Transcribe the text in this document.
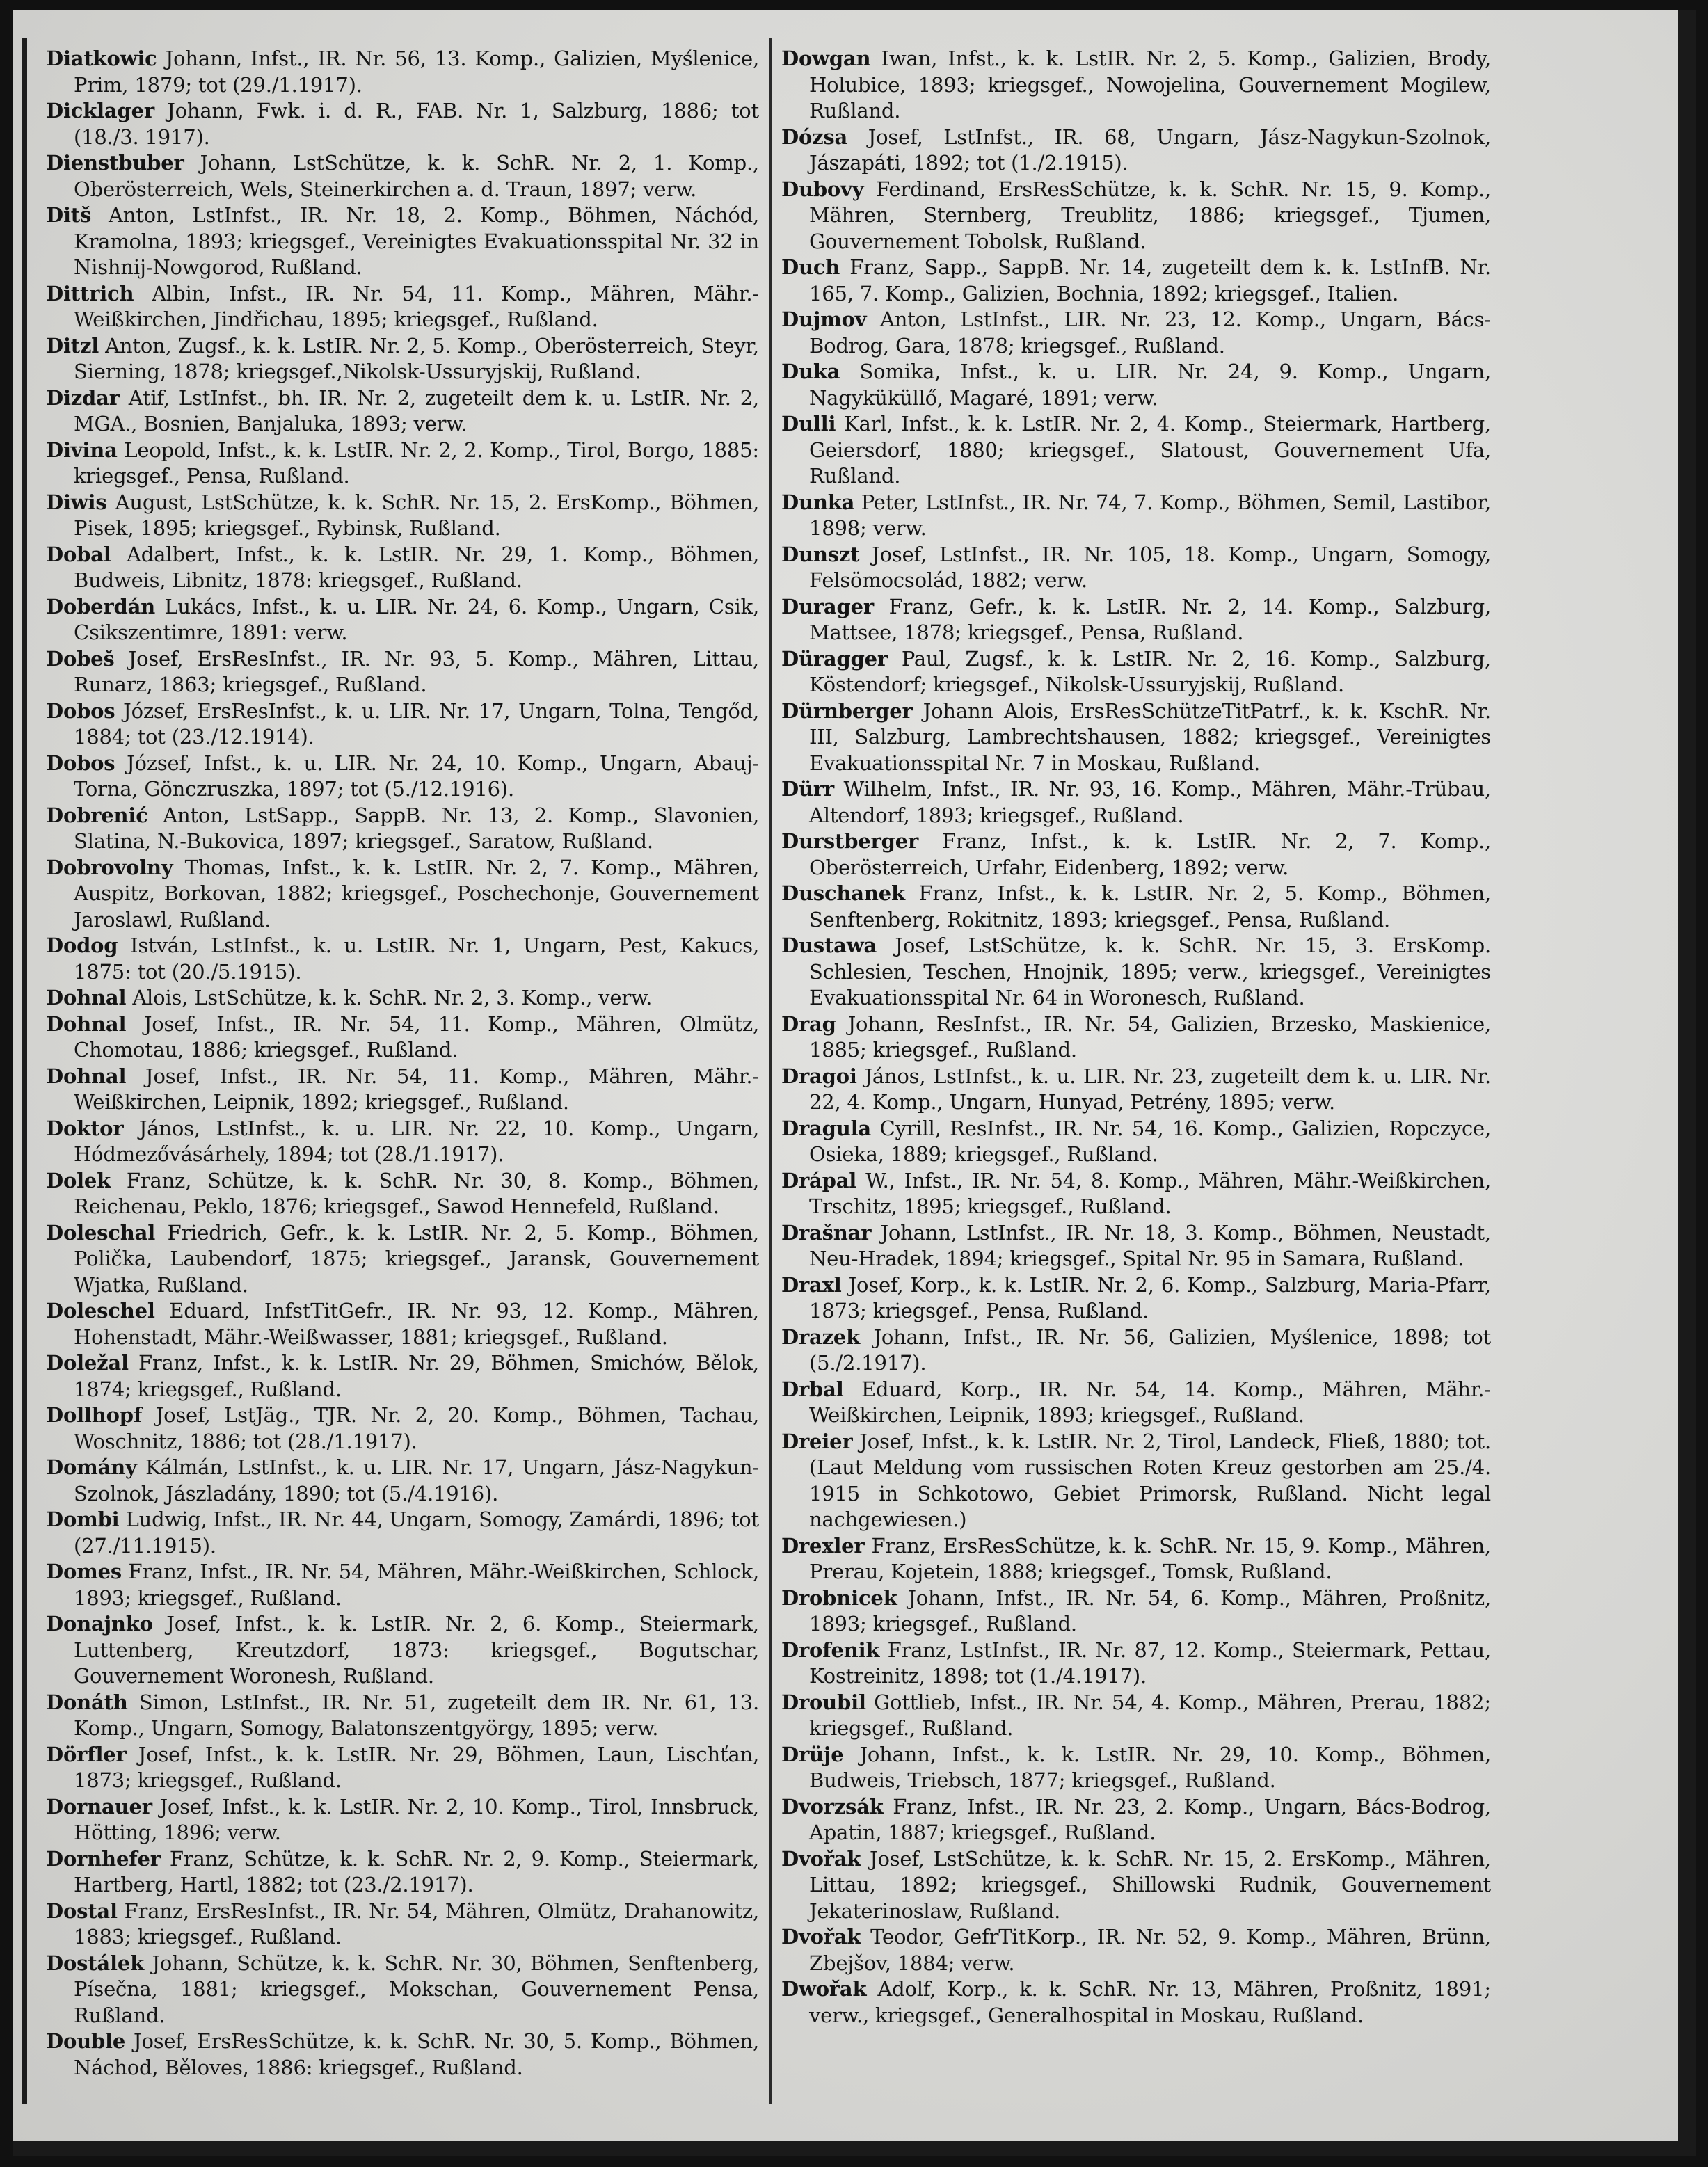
Diatkowic Johann, Infst., IR. Nr. 56, 13. Komp., Galizien, Myślenice, Prim, 1879; tot (29./1.1917).

Dicklager Johann, Fwk. i. d. R., FAB. Nr. 1, Salzburg, 1886; tot (18./3. 1917).

Dienstbuber Johann, LstSchütze, k. k. SchR. Nr. 2, 1. Komp., Oberösterreich, Wels, Steinerkirchen a. d. Traun, 1897; verw.

Ditš Anton, LstInfst., IR. Nr. 18, 2. Komp., Böhmen, Náchód, Kramolna, 1893; kriegsgef., Vereinigtes Evakuationsspital Nr. 32 in Nishnij-Nowgorod, Rußland.

Dittrich Albin, Infst., IR. Nr. 54, 11. Komp., Mähren, Mähr.-Weißkirchen, Jindřichau, 1895; kriegsgef., Rußland.

Ditzl Anton, Zugsf., k. k. LstIR. Nr. 2, 5. Komp., Oberösterreich, Steyr, Sierning, 1878; kriegsgef.,Nikolsk-Ussuryjskij, Rußland.

Dizdar Atif, LstInfst., bh. IR. Nr. 2, zugeteilt dem k. u. LstIR. Nr. 2, MGA., Bosnien, Banjaluka, 1893; verw.

Divina Leopold, Infst., k. k. LstIR. Nr. 2, 2. Komp., Tirol, Borgo, 1885: kriegsgef., Pensa, Rußland.

Diwis August, LstSchütze, k. k. SchR. Nr. 15, 2. ErsKomp., Böhmen, Pisek, 1895; kriegsgef., Rybinsk, Rußland.

Dobal Adalbert, Infst., k. k. LstIR. Nr. 29, 1. Komp., Böhmen, Budweis, Libnitz, 1878: kriegsgef., Rußland.

Doberdán Lukács, Infst., k. u. LIR. Nr. 24, 6. Komp., Ungarn, Csik, Csikszentimre, 1891: verw.

Dobeš Josef, ErsResInfst., IR. Nr. 93, 5. Komp., Mähren, Littau, Runarz, 1863; kriegsgef., Rußland.

Dobos József, ErsResInfst., k. u. LIR. Nr. 17, Ungarn, Tolna, Tengőd, 1884; tot (23./12.1914).

Dobos József, Infst., k. u. LIR. Nr. 24, 10. Komp., Ungarn, Abauj-Torna, Gönczruszka, 1897; tot (5./12.1916).

Dobrenić Anton, LstSapp., SappB. Nr. 13, 2. Komp., Slavonien, Slatina, N.-Bukovica, 1897; kriegsgef., Saratow, Rußland.

Dobrovolny Thomas, Infst., k. k. LstIR. Nr. 2, 7. Komp., Mähren, Auspitz, Borkovan, 1882; kriegsgef., Poschechonje, Gouvernement Jaroslawl, Rußland.

Dodog István, LstInfst., k. u. LstIR. Nr. 1, Ungarn, Pest, Kakucs, 1875: tot (20./5.1915).

Dohnal Alois, LstSchütze, k. k. SchR. Nr. 2, 3. Komp., verw.

Dohnal Josef, Infst., IR. Nr. 54, 11. Komp., Mähren, Olmütz, Chomotau, 1886; kriegsgef., Rußland.

Dohnal Josef, Infst., IR. Nr. 54, 11. Komp., Mähren, Mähr.-Weißkirchen, Leipnik, 1892; kriegsgef., Rußland.

Doktor János, LstInfst., k. u. LIR. Nr. 22, 10. Komp., Ungarn, Hódmezővásárhely, 1894; tot (28./1.1917).

Dolek Franz, Schütze, k. k. SchR. Nr. 30, 8. Komp., Böhmen, Reichenau, Peklo, 1876; kriegsgef., Sawod Hennefeld, Rußland.

Doleschal Friedrich, Gefr., k. k. LstIR. Nr. 2, 5. Komp., Böhmen, Polička, Laubendorf, 1875; kriegsgef., Jaransk, Gouvernement Wjatka, Rußland.

Doleschel Eduard, InfstTitGefr., IR. Nr. 93, 12. Komp., Mähren, Hohenstadt, Mähr.-Weißwasser, 1881; kriegsgef., Rußland.

Doležal Franz, Infst., k. k. LstIR. Nr. 29, Böhmen, Smichów, Bělok, 1874; kriegsgef., Rußland.

Dollhopf Josef, LstJäg., TJR. Nr. 2, 20. Komp., Böhmen, Tachau, Woschnitz, 1886; tot (28./1.1917).

Domány Kálmán, LstInfst., k. u. LIR. Nr. 17, Ungarn, Jász-Nagykun-Szolnok, Jászladány, 1890; tot (5./4.1916).

Dombi Ludwig, Infst., IR. Nr. 44, Ungarn, Somogy, Zamárdi, 1896; tot (27./11.1915).

Domes Franz, Infst., IR. Nr. 54, Mähren, Mähr.-Weißkirchen, Schlock, 1893; kriegsgef., Rußland.

Donajnko Josef, Infst., k. k. LstIR. Nr. 2, 6. Komp., Steiermark, Luttenberg, Kreutzdorf, 1873: kriegsgef., Bogutschar, Gouvernement Woronesh, Rußland.

Donáth Simon, LstInfst., IR. Nr. 51, zugeteilt dem IR. Nr. 61, 13. Komp., Ungarn, Somogy, Balatonszentgyörgy, 1895; verw.

Dörfler Josef, Infst., k. k. LstIR. Nr. 29, Böhmen, Laun, Lischťan, 1873; kriegsgef., Rußland.

Dornauer Josef, Infst., k. k. LstIR. Nr. 2, 10. Komp., Tirol, Innsbruck, Hötting, 1896; verw.

Dornhefer Franz, Schütze, k. k. SchR. Nr. 2, 9. Komp., Steiermark, Hartberg, Hartl, 1882; tot (23./2.1917).

Dostal Franz, ErsResInfst., IR. Nr. 54, Mähren, Olmütz, Drahanowitz, 1883; kriegsgef., Rußland.

Dostálek Johann, Schütze, k. k. SchR. Nr. 30, Böhmen, Senftenberg, Písečna, 1881; kriegsgef., Mokschan, Gouvernement Pensa, Rußland.

Double Josef, ErsResSchütze, k. k. SchR. Nr. 30, 5. Komp., Böhmen, Náchod, Běloves, 1886: kriegsgef., Rußland.

Dowgan Iwan, Infst., k. k. LstIR. Nr. 2, 5. Komp., Galizien, Brody, Holubice, 1893; kriegsgef., Nowojelina, Gouvernement Mogilew, Rußland.

Dózsa Josef, LstInfst., IR. 68, Ungarn, Jász-Nagykun-Szolnok, Jászapáti, 1892; tot (1./2.1915).

Dubovy Ferdinand, ErsResSchütze, k. k. SchR. Nr. 15, 9. Komp., Mähren, Sternberg, Treublitz, 1886; kriegsgef., Tjumen, Gouvernement Tobolsk, Rußland.

Duch Franz, Sapp., SappB. Nr. 14, zugeteilt dem k. k. LstInfB. Nr. 165, 7. Komp., Galizien, Bochnia, 1892; kriegsgef., Italien.

Dujmov Anton, LstInfst., LIR. Nr. 23, 12. Komp., Ungarn, Bács-Bodrog, Gara, 1878; kriegsgef., Rußland.

Duka Somika, Infst., k. u. LIR. Nr. 24, 9. Komp., Ungarn, Nagyküküllő, Magaré, 1891; verw.

Dulli Karl, Infst., k. k. LstIR. Nr. 2, 4. Komp., Steiermark, Hartberg, Geiersdorf, 1880; kriegsgef., Slatoust, Gouvernement Ufa, Rußland.

Dunka Peter, LstInfst., IR. Nr. 74, 7. Komp., Böhmen, Semil, Lastibor, 1898; verw.

Dunszt Josef, LstInfst., IR. Nr. 105, 18. Komp., Ungarn, Somogy, Felsömocsolád, 1882; verw.

Durager Franz, Gefr., k. k. LstIR. Nr. 2, 14. Komp., Salzburg, Mattsee, 1878; kriegsgef., Pensa, Rußland.

Düragger Paul, Zugsf., k. k. LstIR. Nr. 2, 16. Komp., Salzburg, Köstendorf; kriegsgef., Nikolsk-Ussuryjskij, Rußland.

Dürnberger Johann Alois, ErsResSchützeTitPatrf., k. k. KschR. Nr. III, Salzburg, Lambrechtshausen, 1882; kriegsgef., Vereinigtes Evakuationsspital Nr. 7 in Moskau, Rußland.

Dürr Wilhelm, Infst., IR. Nr. 93, 16. Komp., Mähren, Mähr.-Trübau, Altendorf, 1893; kriegsgef., Rußland.

Durstberger Franz, Infst., k. k. LstIR. Nr. 2, 7. Komp., Oberösterreich, Urfahr, Eidenberg, 1892; verw.

Duschanek Franz, Infst., k. k. LstIR. Nr. 2, 5. Komp., Böhmen, Senftenberg, Rokitnitz, 1893; kriegsgef., Pensa, Rußland.

Dustawa Josef, LstSchütze, k. k. SchR. Nr. 15, 3. ErsKomp. Schlesien, Teschen, Hnojnik, 1895; verw., kriegsgef., Vereinigtes Evakuationsspital Nr. 64 in Woronesch, Rußland.

Drag Johann, ResInfst., IR. Nr. 54, Galizien, Brzesko, Maskienice, 1885; kriegsgef., Rußland.

Dragoi János, LstInfst., k. u. LIR. Nr. 23, zugeteilt dem k. u. LIR. Nr. 22, 4. Komp., Ungarn, Hunyad, Petrény, 1895; verw.

Dragula Cyrill, ResInfst., IR. Nr. 54, 16. Komp., Galizien, Ropczyce, Osieka, 1889; kriegsgef., Rußland.

Drápal W., Infst., IR. Nr. 54, 8. Komp., Mähren, Mähr.-Weißkirchen, Trschitz, 1895; kriegsgef., Rußland.

Drašnar Johann, LstInfst., IR. Nr. 18, 3. Komp., Böhmen, Neustadt, Neu-Hradek, 1894; kriegsgef., Spital Nr. 95 in Samara, Rußland.

Draxl Josef, Korp., k. k. LstIR. Nr. 2, 6. Komp., Salzburg, Maria-Pfarr, 1873; kriegsgef., Pensa, Rußland.

Drazek Johann, Infst., IR. Nr. 56, Galizien, Myślenice, 1898; tot (5./2.1917).

Drbal Eduard, Korp., IR. Nr. 54, 14. Komp., Mähren, Mähr.-Weißkirchen, Leipnik, 1893; kriegsgef., Rußland.

Dreier Josef, Infst., k. k. LstIR. Nr. 2, Tirol, Landeck, Fließ, 1880; tot. (Laut Meldung vom russischen Roten Kreuz gestorben am 25./4. 1915 in Schkotowo, Gebiet Primorsk, Rußland. Nicht legal nachgewiesen.)

Drexler Franz, ErsResSchütze, k. k. SchR. Nr. 15, 9. Komp., Mähren, Prerau, Kojetein, 1888; kriegsgef., Tomsk, Rußland.

Drobnicek Johann, Infst., IR. Nr. 54, 6. Komp., Mähren, Proßnitz, 1893; kriegsgef., Rußland.

Drofenik Franz, LstInfst., IR. Nr. 87, 12. Komp., Steiermark, Pettau, Kostreinitz, 1898; tot (1./4.1917).

Droubil Gottlieb, Infst., IR. Nr. 54, 4. Komp., Mähren, Prerau, 1882; kriegsgef., Rußland.

Drüje Johann, Infst., k. k. LstIR. Nr. 29, 10. Komp., Böhmen, Budweis, Triebsch, 1877; kriegsgef., Rußland.

Dvorzsák Franz, Infst., IR. Nr. 23, 2. Komp., Ungarn, Bács-Bodrog, Apatin, 1887; kriegsgef., Rußland.

Dvořak Josef, LstSchütze, k. k. SchR. Nr. 15, 2. ErsKomp., Mähren, Littau, 1892; kriegsgef., Shillowski Rudnik, Gouvernement Jekaterinoslaw, Rußland.

Dvořak Teodor, GefrTitKorp., IR. Nr. 52, 9. Komp., Mähren, Brünn, Zbejšov, 1884; verw.

Dwořak Adolf, Korp., k. k. SchR. Nr. 13, Mähren, Proßnitz, 1891; verw., kriegsgef., Generalhospital in Moskau, Rußland.
